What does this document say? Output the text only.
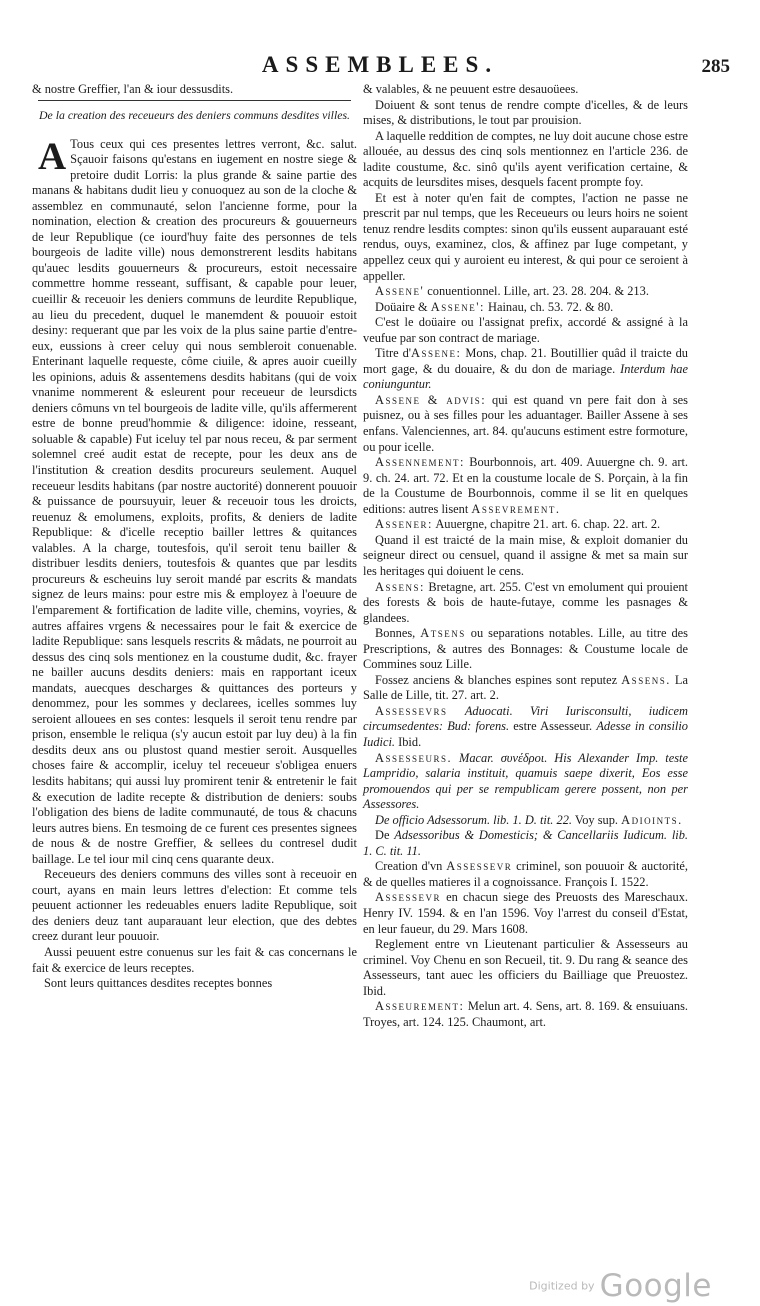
ASSEMBLEES.	285

& nostre Greffier, l'an & iour dessusdits.

De la creation des receueurs des deniers communs desdites villes.

A Tous ceux qui ces presentes lettres verront, &c. salut. Sçauoir faisons qu'estans en iugement en nostre siege & pretoire dudit Lorris: la plus grande & saine partie des manans & habitans dudit lieu y conuoquez au son de la cloche & assemblez en communauté, selon l'ancienne forme, pour la nomination, election & creation des procureurs & gouuerneurs de leur Republique (ce iourd'huy faite des personnes de tels bourgeois de ladite ville) nous demonstrerent lesdits habitans qu'auec lesdits gouuerneurs & procureurs, estoit necessaire commettre homme resseant, suffisant, & capable pour leuer, cueillir & receuoir les deniers communs de leurdite Republique, au lieu du precedent, duquel le manemdent & pouuoir estoit desiny: requerant que par les voix de la plus saine partie d'entre-eux, eussions à creer celuy qui nous sembleroit conuenable. Enterinant laquelle requeste, côme ciuile, & apres auoir cueilly les opinions, aduis & assentemens desdits habitans (qui de voix vnanime nommerent & esleurent pour receueur de leursdicts deniers cômuns vn tel bourgeois de ladite ville, qu'ils affermerent estre de bonne preud'hommie & diligence: idoine, resseant, soluable & capable) Fut iceluy tel par nous receu, & par serment solemnel creé audit estat de recepte, pour les deux ans de l'institution & creation desdits procureurs seulement. Auquel receueur lesdits habitans (par nostre auctorité) donnerent pouuoir & puissance de poursuyuir, leuer & receuoir tous les droicts, reuenuz & emolumens, exploits, profits, & deniers de ladite Republique: & d'icelle receptio bailler lettres & quitances valables. A la charge, toutesfois, qu'il seroit tenu bailler & distribuer lesdits deniers, toutesfois & quantes que par lesdits procureurs & escheuins luy seroit mandé par escrits & mandats signez de leurs mains: pour estre mis & employez à l'oeuure de l'emparement & fortification de ladite ville, chemins, voyries, & autres affaires vrgens & necessaires pour le fait & exercice de ladite Republique: sans lesquels rescrits & mâdats, ne pourroit au dessus des cinq sols mentionez en la coustume dudit, &c. frayer ne bailler aucuns desdits deniers: mais en rapportant iceux mandats, auecques descharges & quittances des porteurs y denommez, pour les sommes y declarees, icelles sommes luy seroient allouees en ses contes: lesquels il seroit tenu rendre par prison, ensemble le reliqua (s'y aucun estoit par luy deu) à la fin desdits deux ans ou plustost quand mestier seroit. Ausquelles choses faire & accomplir, iceluy tel receueur s'obligea enuers lesdits habitans; qui aussi luy promirent tenir & entretenir le fait & execution de ladite recepte & distribution de deniers: soubs l'obligation des biens de ladite communauté, de tous & chacuns leurs autres biens. En tesmoing de ce furent ces presentes signees de nous & de nostre Greffier, & sellees du contresel dudit baillage. Le tel iour mil cinq cens quarante deux.

Receueurs des deniers communs des villes sont à receuoir en court, ayans en main leurs lettres d'election: Et comme tels peuuent actionner les redeuables enuers ladite Republique, soit des deniers deuz tant auparauant leur election, que des debtes creez durant leur pouuoir.

Aussi peuuent estre conuenus sur les fait & cas concernans le fait & exercice de leurs receptes.

Sont leurs quittances desdites receptes bonnes

& valables, & ne peuuent estre desauoüees.

Doiuent & sont tenus de rendre compte d'icelles, & de leurs mises, & distributions, le tout par prouision.

A laquelle reddition de comptes, ne luy doit aucune chose estre allouée, au dessus des cinq sols mentionnez en l'article 236. de ladite coustume, &c. sinô qu'ils ayent verification certaine, & acquits de leursdites mises, desquels facent prompte foy.

Et est à noter qu'en fait de comptes, l'action ne passe ne prescrit par nul temps, que les Receueurs ou leurs hoirs ne soient tenuz rendre lesdits comptes: sinon qu'ils eussent auparauant esté rendus, ouys, examinez, clos, & affinez par Iuge competant, y appellez ceux qui y auroient eu interest, & qui pour ce seroient à appeller.

Assene' conuentionnel. Lille, art. 23. 28. 204. & 213.

Doüaire & Assene': Hainau, ch. 53. 72. & 80.

C'est le doüaire ou l'assignat prefix, accordé & assigné à la veufue par son contract de mariage.

Titre d'Assene: Mons, chap. 21. Boutillier quâd il traicte du mort gage, & du douaire, & du don de mariage. Interdum hae coniunguntur.

Assene & advis: qui est quand vn pere fait don à ses puisnez, ou à ses filles pour les aduantager. Bailler Assene à ses enfans. Valenciennes, art. 84. qu'aucuns estiment estre formoture, ou pour icelle.

Assennement: Bourbonnois, art. 409. Auuergne ch. 9. art. 9. ch. 24. art. 72. Et en la coustume locale de S. Porçain, à la fin de la Coustume de Bourbonnois, comme il se lit en quelques editions: autres lisent Assevrement.

Assener: Auuergne, chapitre 21. art. 6. chap. 22. art. 2.

Quand il est traicté de la main mise, & exploit domanier du seigneur direct ou censuel, quand il assigne & met sa main sur les heritages qui doiuent le cens.

Assens: Bretagne, art. 255. C'est vn emolument qui prouient des forests & bois de haute-futaye, comme les pasnages & glandees.

Bonnes, Atsens ou separations notables. Lille, au titre des Prescriptions, & autres des Bonnages: & Coustume locale de Commines souz Lille.

Fossez anciens & blanches espines sont reputez Assens. La Salle de Lille, tit. 27. art. 2.

Assessevrs Aduocati. Viri Iurisconsulti, iudicem circumsedentes: Bud: forens. estre Assesseur. Adesse in consilio Iudici. Ibid.

Assesseurs. Macar. συνέδροι. His Alexander Imp. teste Lampridio, salaria instituit, quamuis saepe dixerit, Eos esse promouendos qui per se rempublicam gerere possent, non per Assessores.

De officio Adsessorum. lib. 1. D. tit. 22. Voy sup. Adioints.

De Adsessoribus & Domesticis; & Cancellariis Iudicum. lib. 1. C. tit. 11.

Creation d'vn Assessevr criminel, son pouuoir & auctorité, & de quelles matieres il a cognoissance. François I. 1522.

Assessevr en chacun siege des Preuosts des Mareschaux. Henry IV. 1594. & en l'an 1596. Voy l'arrest du conseil d'Estat, en leur faueur, du 29. Mars 1608.

Reglement entre vn Lieutenant particulier & Assesseurs au criminel. Voy Chenu en son Recueil, tit. 9. Du rang & seance des Assesseurs, tant auec les officiers du Bailliage que Preuostez. Ibid.

Asseurement: Melun art. 4. Sens, art. 8. 169. & ensuiuans. Troyes, art. 124. 125. Chaumont, art.

Digitized by Google
